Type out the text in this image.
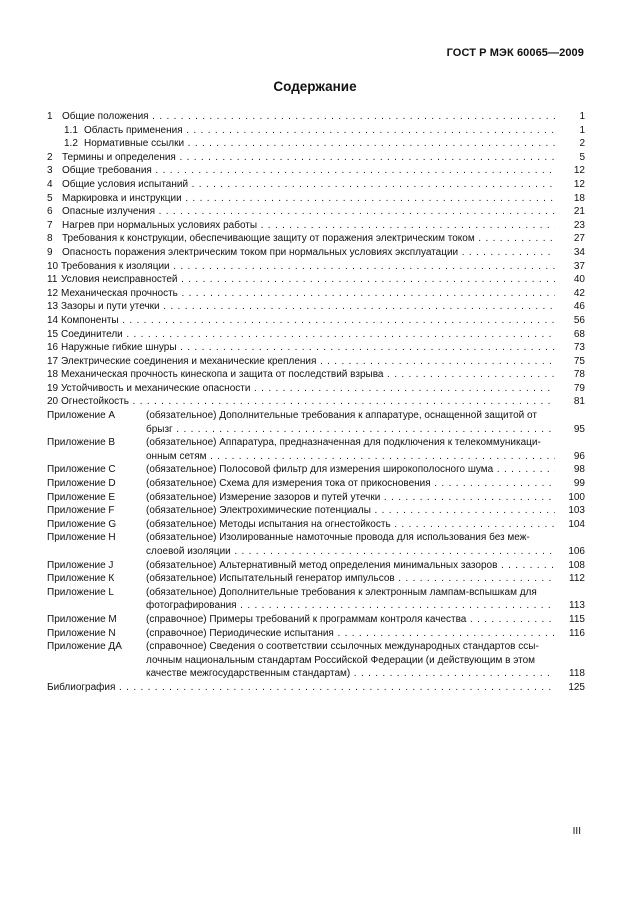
ГОСТ Р МЭК 60065—2009
Содержание
1 Общие положения . . .	1
1.1 Область применения . . .	1
1.2 Нормативные ссылки . . .	2
2 Термины и определения . . .	5
3 Общие требования . . .	12
4 Общие условия испытаний . . .	12
5 Маркировка и инструкции . . .	18
6 Опасные излучения . . .	21
7 Нагрев при нормальных условиях работы . . .	23
8 Требования к конструкции, обеспечивающие защиту от поражения электрическим током . . .	27
9 Опасность поражения электрическим током при нормальных условиях эксплуатации . . .	34
10 Требования к изоляции . . .	37
11 Условия неисправностей . . .	40
12 Механическая прочность . . .	42
13 Зазоры и пути утечки . . .	46
14 Компоненты . . .	56
15 Соединители . . .	68
16 Наружные гибкие шнуры . . .	73
17 Электрические соединения и механические крепления . . .	75
18 Механическая прочность кинескопа и защита от последствий взрыва . . .	78
19 Устойчивость и механические опасности . . .	79
20 Огнестойкость . . .	81
Приложение А	(обязательное) Дополнительные требования к аппаратуре, оснащенной защитой от
брызг . . .	95
Приложение В	(обязательное) Аппаратура, предназначенная для подключения к телекоммуникаци-
онным сетям . . .	96
Приложение С	(обязательное) Полосовой фильтр для измерения широкополосного шума . . .	98
Приложение D	(обязательное) Схема для измерения тока от прикосновения . . .	99
Приложение Е	(обязательное) Измерение зазоров и путей утечки . . .	100
Приложение F	(обязательное) Электрохимические потенциалы . . .	103
Приложение G	(обязательное) Методы испытания на огнестойкость . . .	104
Приложение Н	(обязательное) Изолированные намоточные провода для использования без меж-
слоевой изоляции . . .	106
Приложение J	(обязательное) Альтернативный метод определения минимальных зазоров . . .	108
Приложение К	(обязательное) Испытательный генератор импульсов . . .	112
Приложение L	(обязательное) Дополнительные требования к электронным лампам-вспышкам для
фотографирования . . .	113
Приложение М	(справочное) Примеры требований к программам контроля качества . . .	115
Приложение N	(справочное) Периодические испытания . . .	116
Приложение ДА (справочное) Сведения о соответствии ссылочных международных стандартов ссы-
лочным национальным стандартам Российской Федерации (и действующим в этом
качестве межгосударственным стандартам) . . .	118
Библиография . . .	125
III
